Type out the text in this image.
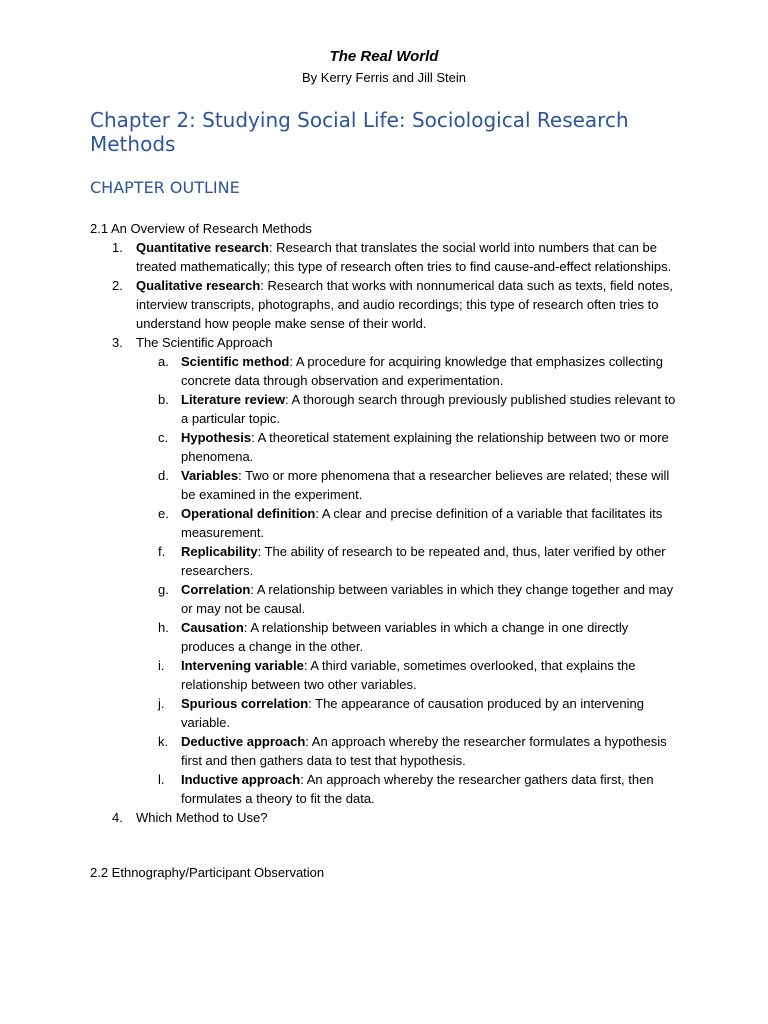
The Real World
By Kerry Ferris and Jill Stein
Chapter 2: Studying Social Life: Sociological Research Methods
CHAPTER OUTLINE
2.1 An Overview of Research Methods
1. Quantitative research: Research that translates the social world into numbers that can be treated mathematically; this type of research often tries to find cause-and-effect relationships.
2. Qualitative research: Research that works with nonnumerical data such as texts, field notes, interview transcripts, photographs, and audio recordings; this type of research often tries to understand how people make sense of their world.
3. The Scientific Approach
a. Scientific method: A procedure for acquiring knowledge that emphasizes collecting concrete data through observation and experimentation.
b. Literature review: A thorough search through previously published studies relevant to a particular topic.
c. Hypothesis: A theoretical statement explaining the relationship between two or more phenomena.
d. Variables: Two or more phenomena that a researcher believes are related; these will be examined in the experiment.
e. Operational definition: A clear and precise definition of a variable that facilitates its measurement.
f. Replicability: The ability of research to be repeated and, thus, later verified by other researchers.
g. Correlation: A relationship between variables in which they change together and may or may not be causal.
h. Causation: A relationship between variables in which a change in one directly produces a change in the other.
i. Intervening variable: A third variable, sometimes overlooked, that explains the relationship between two other variables.
j. Spurious correlation: The appearance of causation produced by an intervening variable.
k. Deductive approach: An approach whereby the researcher formulates a hypothesis first and then gathers data to test that hypothesis.
l. Inductive approach: An approach whereby the researcher gathers data first, then formulates a theory to fit the data.
4. Which Method to Use?
2.2 Ethnography/Participant Observation
